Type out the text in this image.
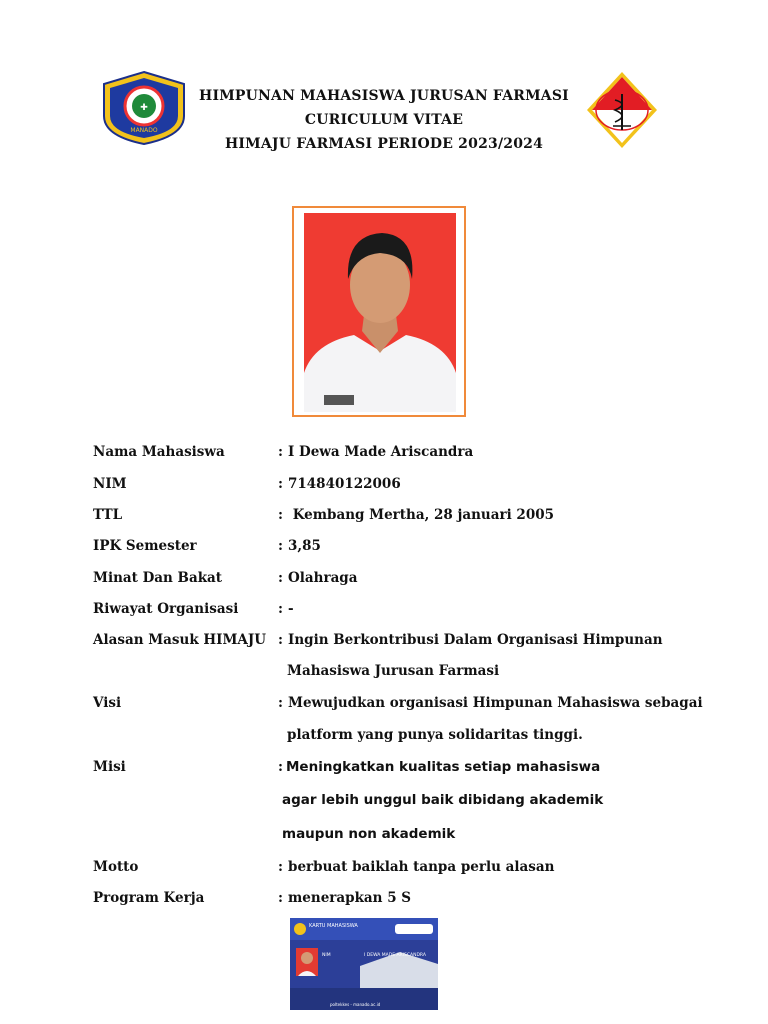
✚
MANADO
HIMPUNAN MAHASISWA JURUSAN FARMASI
CURICULUM VITAE
HIMAJU FARMASI PERIODE 2023/2024
Nama Mahasiswa	: I Dewa Made Ariscandra
NIM	: 714840122006
TTL	: Kembang Mertha, 28 januari 2005
IPK Semester	: 3,85
Minat Dan Bakat	: Olahraga
Riwayat Organisasi	: -
Alasan Masuk HIMAJU : Ingin Berkontribusi Dalam Organisasi Himpunan
Mahasiswa Jurusan Farmasi
Visi	: Mewujudkan organisasi Himpunan Mahasiswa sebagai
platform yang punya solidaritas tinggi.
Misi	: Meningkatkan kualitas setiap mahasiswa
agar lebih unggul baik dibidang akademik
maupun non akademik
Motto	: berbuat baiklah tanpa perlu alasan
Program Kerja	: menerapkan 5 S
KARTU MAHASISWA
NIM	I DEWA MADE ARISCANDRA
poltekkes - manado.ac.id
